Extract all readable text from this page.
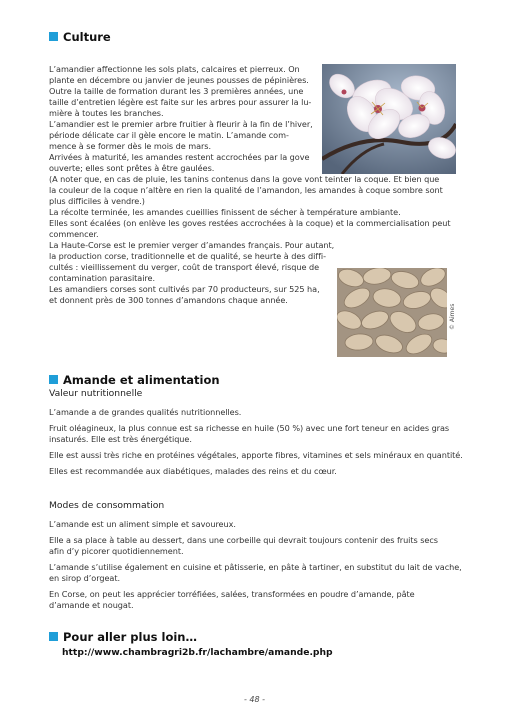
Culture
L’amandier affectionne les sols plats, calcaires et pierreux. On
plante en décembre ou janvier de jeunes pousses de pépinières.
Outre la taille de formation durant les 3 premières années, une
taille d’entretien légère est faite sur les arbres pour assurer la lu-
mière à toutes les branches.
L’amandier est le premier arbre fruitier à fleurir à la fin de l’hiver,
période délicate car il gèle encore le matin. L’amande com-
mence à se former dès le mois de mars.
Arrivées à maturité, les amandes restent accrochées par la gove
ouverte; elles sont prêtes à être gaulées.
(A noter que, en cas de pluie, les tanins contenus dans la gove vont teinter la coque. Et bien que
la couleur de la coque n’altère en rien la qualité de l’amandon, les amandes à coque sombre sont
plus difficiles à vendre.)
La récolte terminée, les amandes cueillies finissent de sécher à température ambiante.
Elles sont écalées (on enlève les goves restées accrochées à la coque) et la commercialisation peut
commencer.
La Haute-Corse est le premier verger d’amandes français. Pour autant,
la production corse, traditionnelle et de qualité, se heurte à des diffi-
cultés : vieillissement du verger, coût de transport élevé, risque de
contamination parasitaire.
Les amandiers corses sont cultivés par 70 producteurs, sur 525 ha,
et donnent près de 300 tonnes d’amandons chaque année.
© Aimes
Amande et alimentation
Valeur nutritionnelle
L’amande a de grandes qualités nutritionnelles.
Fruit oléagineux, la plus connue est sa richesse en huile (50 %) avec une fort teneur en acides gras
insaturés. Elle est très énergétique.
Elle est aussi très riche en protéines végétales, apporte fibres, vitamines et sels minéraux en quantité.
Elles est recommandée aux diabétiques, malades des reins et du cœur.
Modes de consommation
L’amande est un aliment simple et savoureux.
Elle a sa place à table au dessert, dans une corbeille qui devrait toujours contenir des fruits secs
afin d’y picorer quotidiennement.
L’amande s’utilise également en cuisine et pâtisserie, en pâte à tartiner, en substitut du lait de vache,
en sirop d’orgeat.
En Corse, on peut les apprécier torréfiées, salées, transformées en poudre d’amande, pâte
d’amande et nougat.
Pour aller plus loin…
http://www.chambragri2b.fr/lachambre/amande.php
- 48 -
